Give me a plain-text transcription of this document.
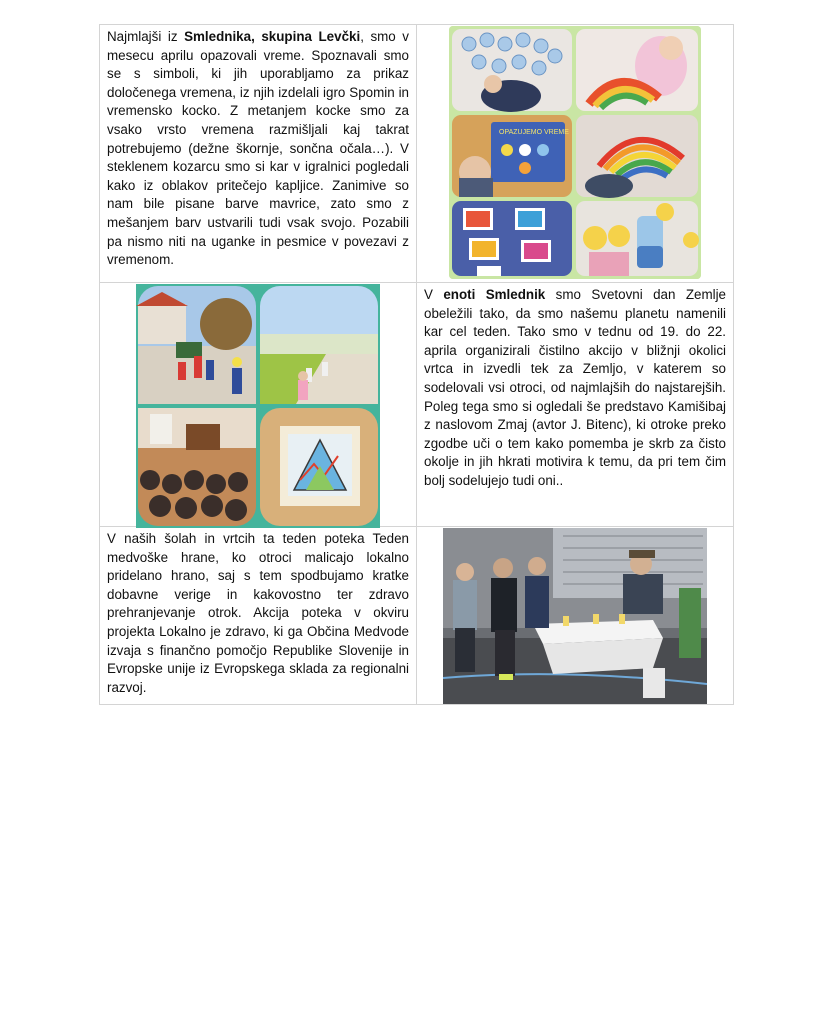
Najmlajši iz Smlednika, skupina Levčki, smo v mesecu aprilu opazovali vreme. Spoznavali smo se s simboli, ki jih uporabljamo za prikaz določenega vremena, iz njih izdelali igro Spomin in vremensko kocko. Z metanjem kocke smo za vsako vrsto vremena razmišljali kaj takrat potrebujemo (dežne škornje, sončna očala…). V steklenem kozarcu smo si kar v igralnici pogledali kako iz oblakov pritečejo kapljice. Zanimive so nam bile pisane barve mavrice, zato smo z mešanjem barv ustvarili tudi vsak svojo. Pozabili pa nismo niti na uganke in pesmice v povezavi z vremenom.	OPAZUJEMO VREME

V enoti Smlednik smo Svetovni dan Zemlje obeležili tako, da smo našemu planetu namenili kar cel teden. Tako smo v tednu od 19. do 22. aprila organizirali čistilno akcijo v bližnji okolici vrtca in izvedli tek za Zemljo, v katerem so sodelovali vsi otroci, od najmlajših do najstarejših. Poleg tega smo si ogledali še predstavo Kamišibaj z naslovom Zmaj (avtor J. Bitenc), ki otroke preko zgodbe uči o tem kako pomemba je skrb za čisto okolje in jih hkrati motivira k temu, da pri tem čim bolj sodelujejo tudi oni..

V naših šolah in vrtcih ta teden poteka Teden medvoške hrane, ko otroci malicajo lokalno pridelano hrano, saj s tem spodbujamo kratke dobavne verige in kakovostno ter zdravo prehranjevanje otrok. Akcija poteka v okviru projekta Lokalno je zdravo, ki ga Občina Medvode izvaja s finančno pomočjo Republike Slovenije in Evropske unije iz Evropskega sklada za regionalni razvoj.
